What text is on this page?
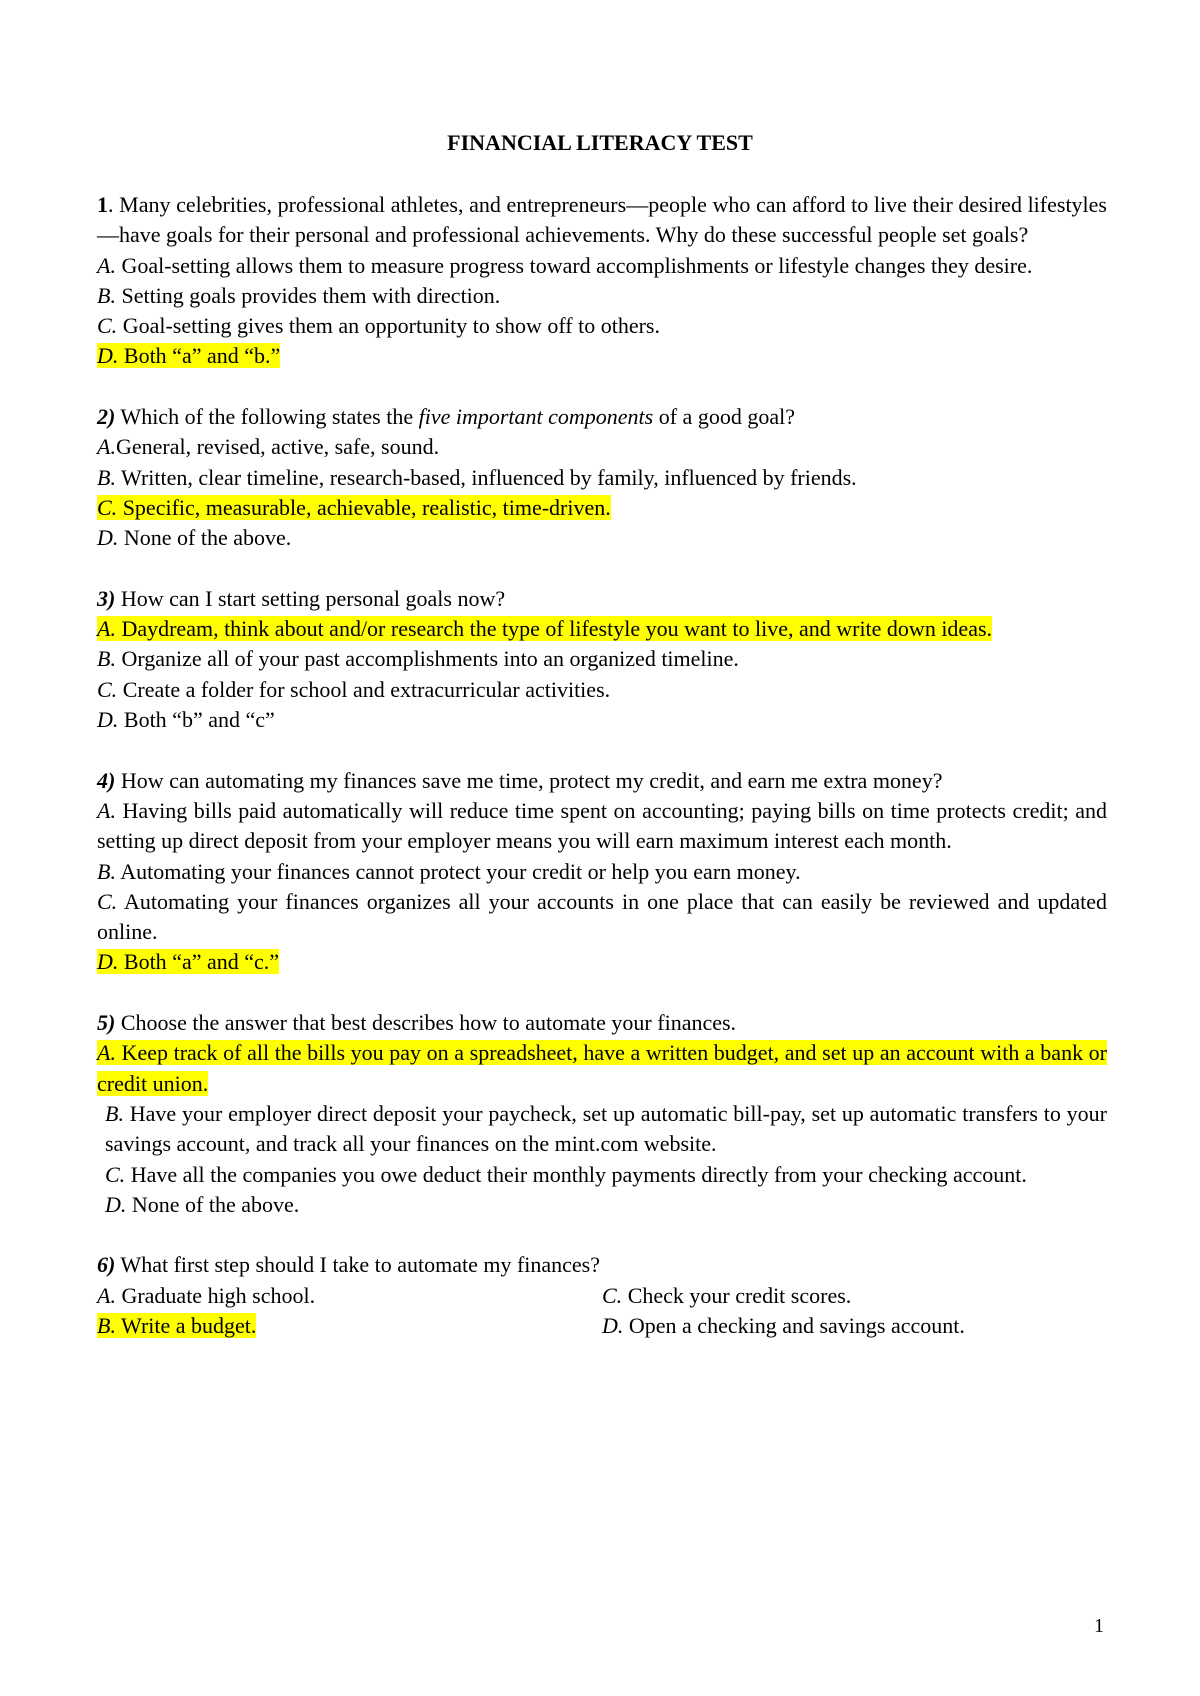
FINANCIAL LITERACY TEST

1. Many celebrities, professional athletes, and entrepreneurs—people who can afford to live their desired lifestyles—have goals for their personal and professional achievements. Why do these successful people set goals?

A. Goal-setting allows them to measure progress toward accomplishments or lifestyle changes they desire.

B. Setting goals provides them with direction.

C. Goal-setting gives them an opportunity to show off to others.

D. Both “a” and “b.”

2) Which of the following states the five important components of a good goal?

A.General, revised, active, safe, sound.

B. Written, clear timeline, research-based, influenced by family, influenced by friends.

C. Specific, measurable, achievable, realistic, time-driven.

D. None of the above.

3) How can I start setting personal goals now?

A. Daydream, think about and/or research the type of lifestyle you want to live, and write down ideas.

B. Organize all of your past accomplishments into an organized timeline.

C. Create a folder for school and extracurricular activities.

D. Both “b” and “c”

4) How can automating my finances save me time, protect my credit, and earn me extra money?

A. Having bills paid automatically will reduce time spent on accounting; paying bills on time protects credit; and setting up direct deposit from your employer means you will earn maximum interest each month.

B. Automating your finances cannot protect your credit or help you earn money.

C. Automating your finances organizes all your accounts in one place that can easily be reviewed and updated online.

D. Both “a” and “c.”

5) Choose the answer that best describes how to automate your finances.

A. Keep track of all the bills you pay on a spreadsheet, have a written budget, and set up an account with a bank or credit union.

B. Have your employer direct deposit your paycheck, set up automatic bill-pay, set up automatic transfers to your savings account, and track all your finances on the mint.com website.

C. Have all the companies you owe deduct their monthly payments directly from your checking account.

D. None of the above.

6) What first step should I take to automate my finances?

A. Graduate high school.	C. Check your credit scores.
B. Write a budget.	D. Open a checking and savings account.
1
